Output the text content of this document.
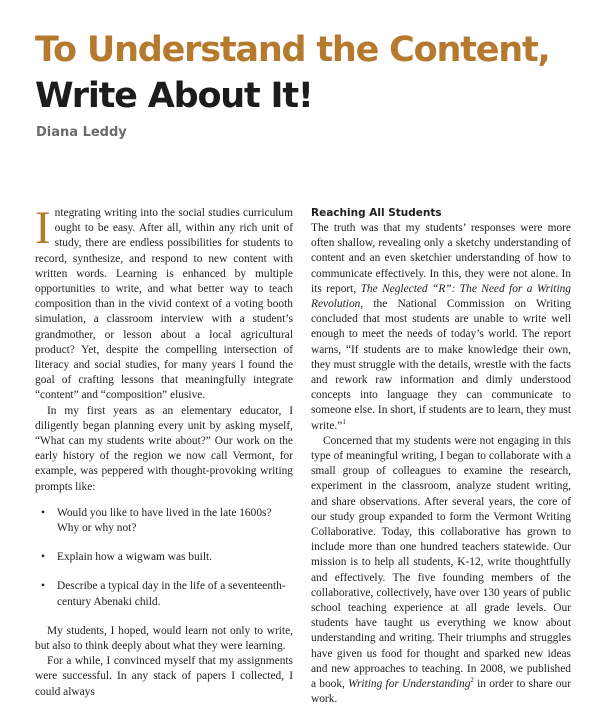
To Understand the Content,
Write About It!
Diana Leddy

Integrating writing into the social studies curriculum ought to be easy. After all, within any rich unit of study, there are endless possibilities for students to record, synthesize, and respond to new content with written words. Learning is enhanced by multiple opportunities to write, and what better way to teach composition than in the vivid context of a voting booth simulation, a classroom interview with a student’s grandmother, or lesson about a local agricultural product? Yet, despite the compelling intersection of literacy and social studies, for many years I found the goal of crafting lessons that meaningfully integrate “content” and “composition” elusive.

In my first years as an elementary educator, I diligently began planning every unit by asking myself, “What can my students write about?” Our work on the early history of the region we now call Vermont, for example, was peppered with thought-provoking writing prompts like:

• Would you like to have lived in the late 1600s? Why or why not?
• Explain how a wigwam was built.
• Describe a typical day in the life of a seventeenth-century Abenaki child.

My students, I hoped, would learn not only to write, but also to think deeply about what they were learning.

For a while, I convinced myself that my assignments were successful. In any stack of papers I collected, I could always

Reaching All Students

The truth was that my students’ responses were more often shallow, revealing only a sketchy understanding of content and an even sketchier understanding of how to communicate effectively. In this, they were not alone. In its report, The Neglected “R”: The Need for a Writing Revolution, the National Commission on Writing concluded that most students are unable to write well enough to meet the needs of today’s world. The report warns, “If students are to make knowledge their own, they must struggle with the details, wrestle with the facts and rework raw information and dimly understood concepts into language they can communicate to someone else. In short, if students are to learn, they must write.”$^1$

Concerned that my students were not engaging in this type of meaningful writing, I began to collaborate with a small group of colleagues to examine the research, experiment in the classroom, analyze student writing, and share observations. After several years, the core of our study group expanded to form the Vermont Writing Collaborative. Today, this collaborative has grown to include more than one hundred teachers statewide. Our mission is to help all students, K-12, write thoughtfully and effectively. The five founding members of the collaborative, collectively, have over 130 years of public school teaching experience at all grade levels. Our students have taught us everything we know about understanding and writing. Their triumphs and struggles have given us food for thought and sparked new ideas and new approaches to teaching. In 2008, we published a book, Writing for Understanding$^2$ in order to share our work.
